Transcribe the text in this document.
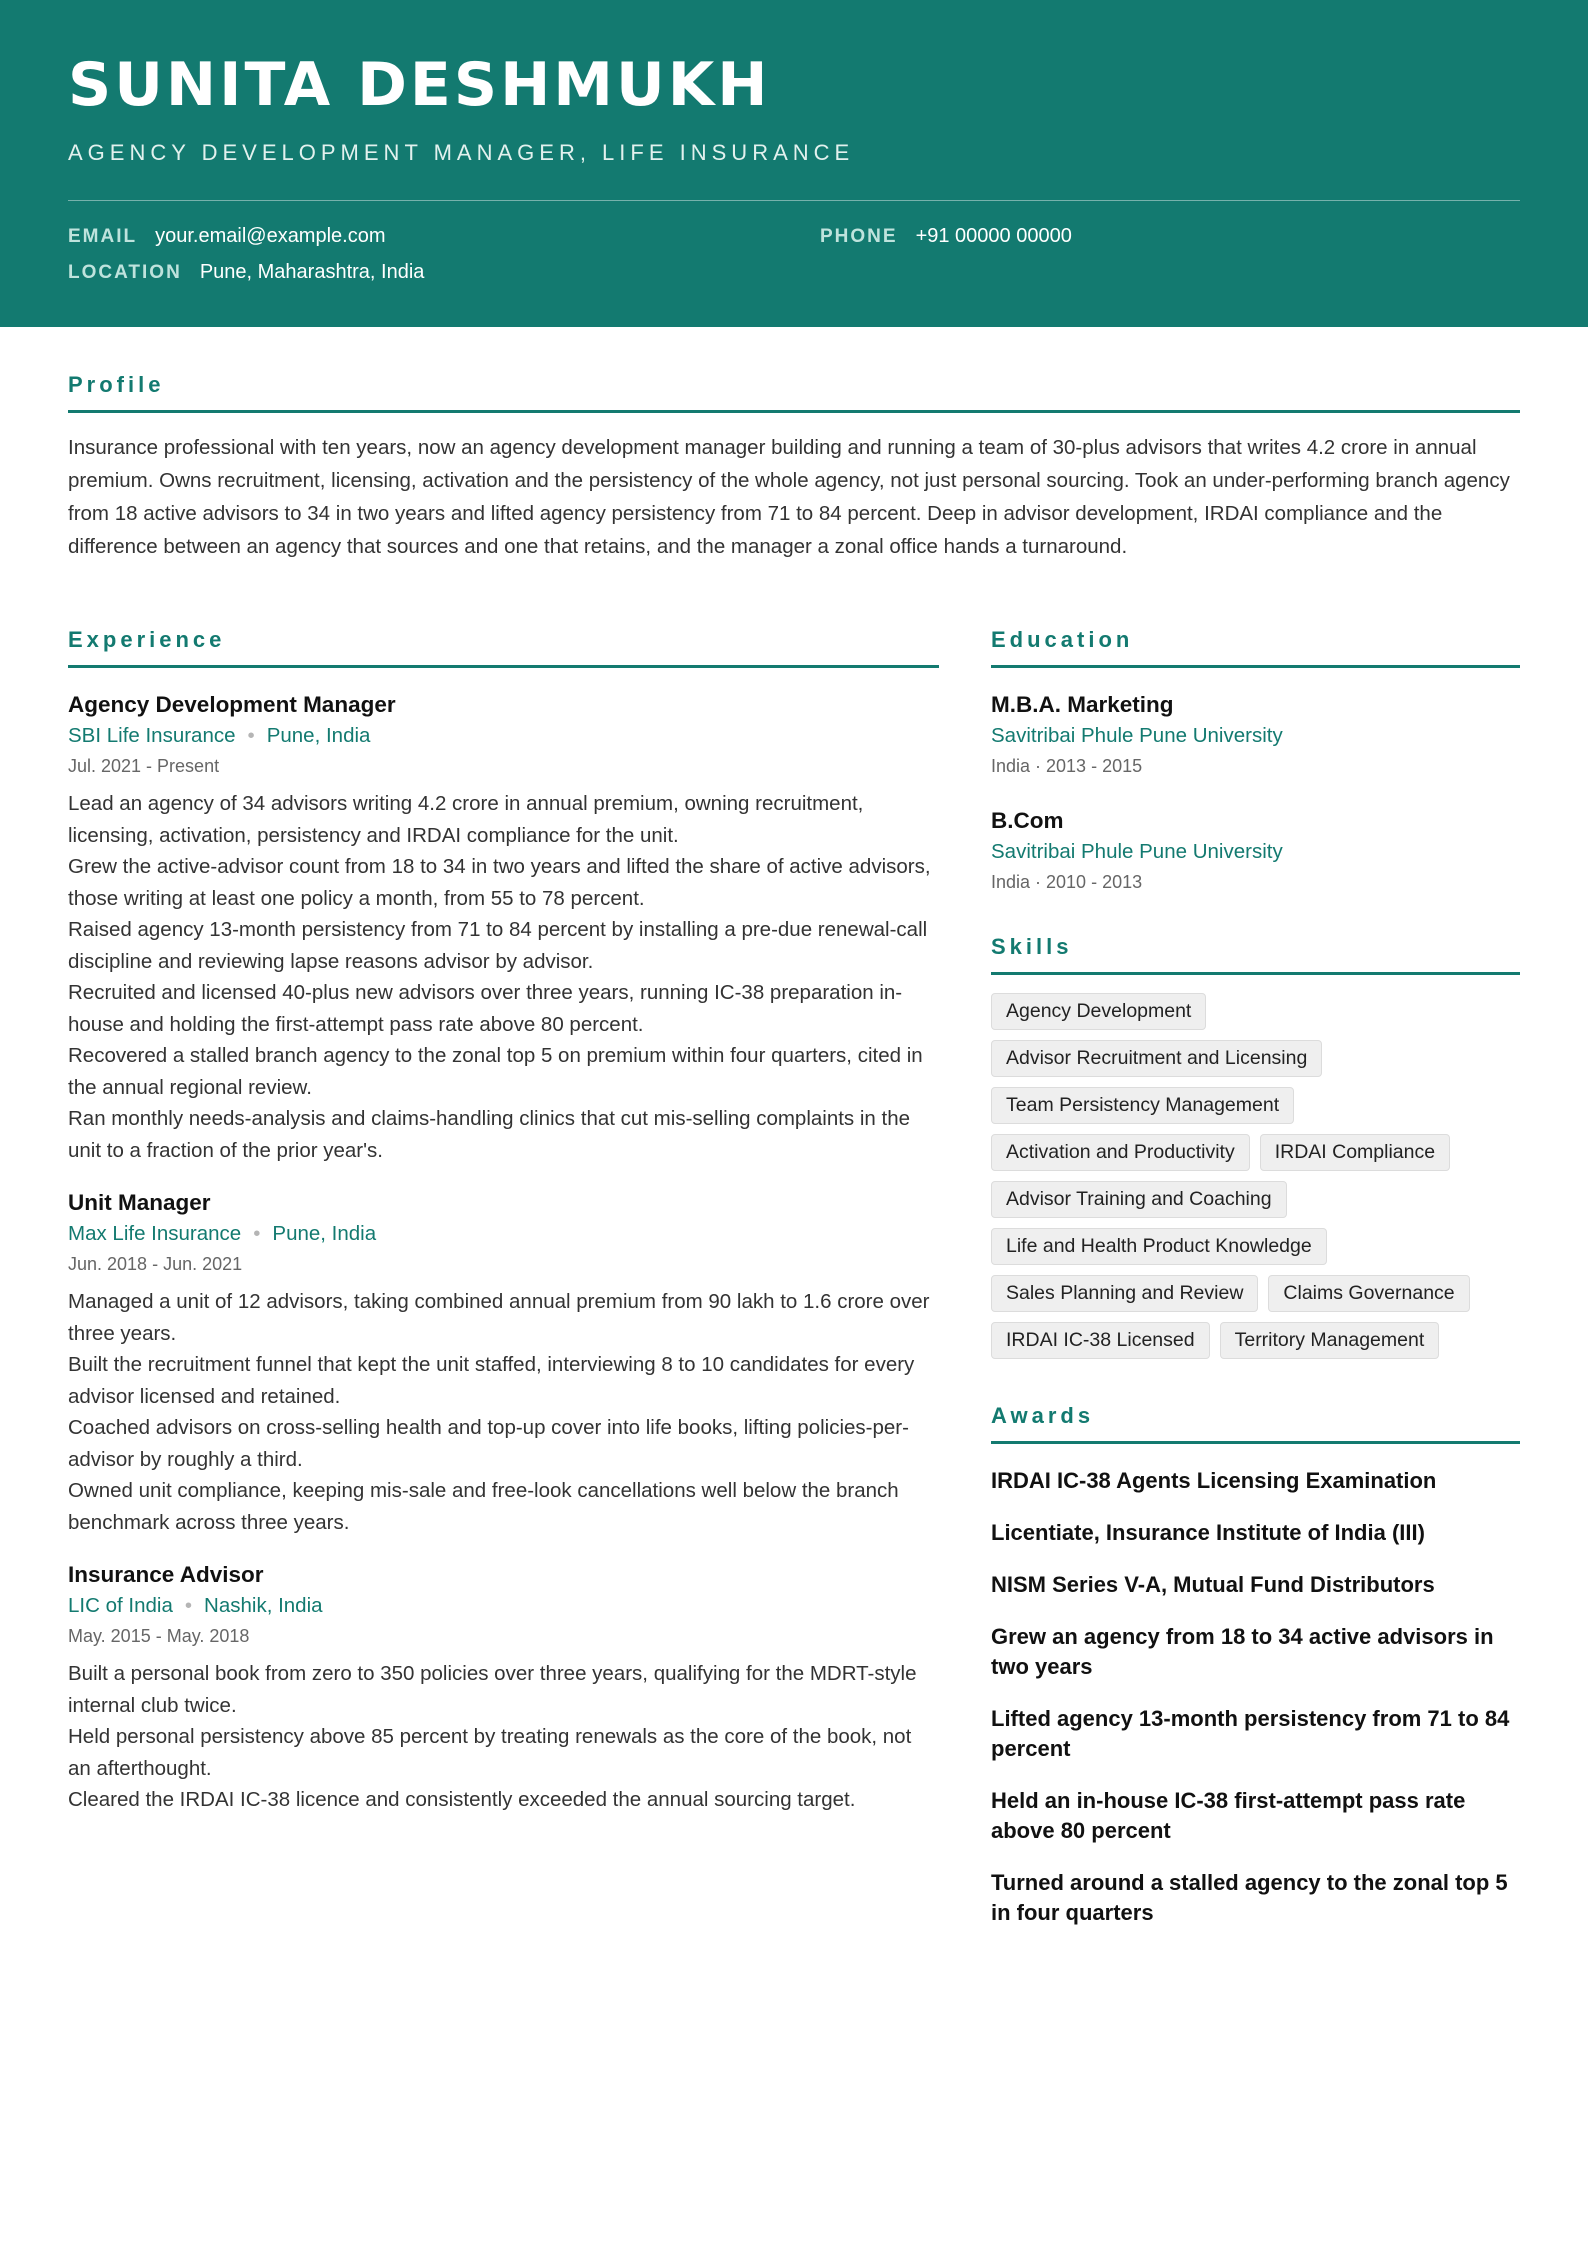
SUNITA DESHMUKH
AGENCY DEVELOPMENT MANAGER, LIFE INSURANCE
EMAIL your.email@example.com	PHONE +91 00000 00000
LOCATION Pune, Maharashtra, India
Profile
Insurance professional with ten years, now an agency development manager building and running a team of 30-plus advisors that writes 4.2 crore in annual premium. Owns recruitment, licensing, activation and the persistency of the whole agency, not just personal sourcing. Took an under-performing branch agency from 18 active advisors to 34 in two years and lifted agency persistency from 71 to 84 percent. Deep in advisor development, IRDAI compliance and the difference between an agency that sources and one that retains, and the manager a zonal office hands a turnaround.
Experience
Agency Development Manager
SBI Life Insurance • Pune, India
Jul. 2021 - Present
Lead an agency of 34 advisors writing 4.2 crore in annual premium, owning recruitment, licensing, activation, persistency and IRDAI compliance for the unit.
Grew the active-advisor count from 18 to 34 in two years and lifted the share of active advisors, those writing at least one policy a month, from 55 to 78 percent.
Raised agency 13-month persistency from 71 to 84 percent by installing a pre-due renewal-call discipline and reviewing lapse reasons advisor by advisor.
Recruited and licensed 40-plus new advisors over three years, running IC-38 preparation in-house and holding the first-attempt pass rate above 80 percent.
Recovered a stalled branch agency to the zonal top 5 on premium within four quarters, cited in the annual regional review.
Ran monthly needs-analysis and claims-handling clinics that cut mis-selling complaints in the unit to a fraction of the prior year's.
Unit Manager
Max Life Insurance • Pune, India
Jun. 2018 - Jun. 2021
Managed a unit of 12 advisors, taking combined annual premium from 90 lakh to 1.6 crore over three years.
Built the recruitment funnel that kept the unit staffed, interviewing 8 to 10 candidates for every advisor licensed and retained.
Coached advisors on cross-selling health and top-up cover into life books, lifting policies-per-advisor by roughly a third.
Owned unit compliance, keeping mis-sale and free-look cancellations well below the branch benchmark across three years.
Insurance Advisor
LIC of India • Nashik, India
May. 2015 - May. 2018
Built a personal book from zero to 350 policies over three years, qualifying for the MDRT-style internal club twice.
Held personal persistency above 85 percent by treating renewals as the core of the book, not an afterthought.
Cleared the IRDAI IC-38 licence and consistently exceeded the annual sourcing target.
Education
M.B.A. Marketing
Savitribai Phule Pune University
India · 2013 - 2015
B.Com
Savitribai Phule Pune University
India · 2010 - 2013
Skills
Agency Development
Advisor Recruitment and Licensing
Team Persistency Management
Activation and Productivity	IRDAI Compliance
Advisor Training and Coaching
Life and Health Product Knowledge
Sales Planning and Review	Claims Governance
IRDAI IC-38 Licensed	Territory Management
Awards
IRDAI IC-38 Agents Licensing Examination
Licentiate, Insurance Institute of India (III)
NISM Series V-A, Mutual Fund Distributors
Grew an agency from 18 to 34 active advisors in two years
Lifted agency 13-month persistency from 71 to 84 percent
Held an in-house IC-38 first-attempt pass rate above 80 percent
Turned around a stalled agency to the zonal top 5 in four quarters
